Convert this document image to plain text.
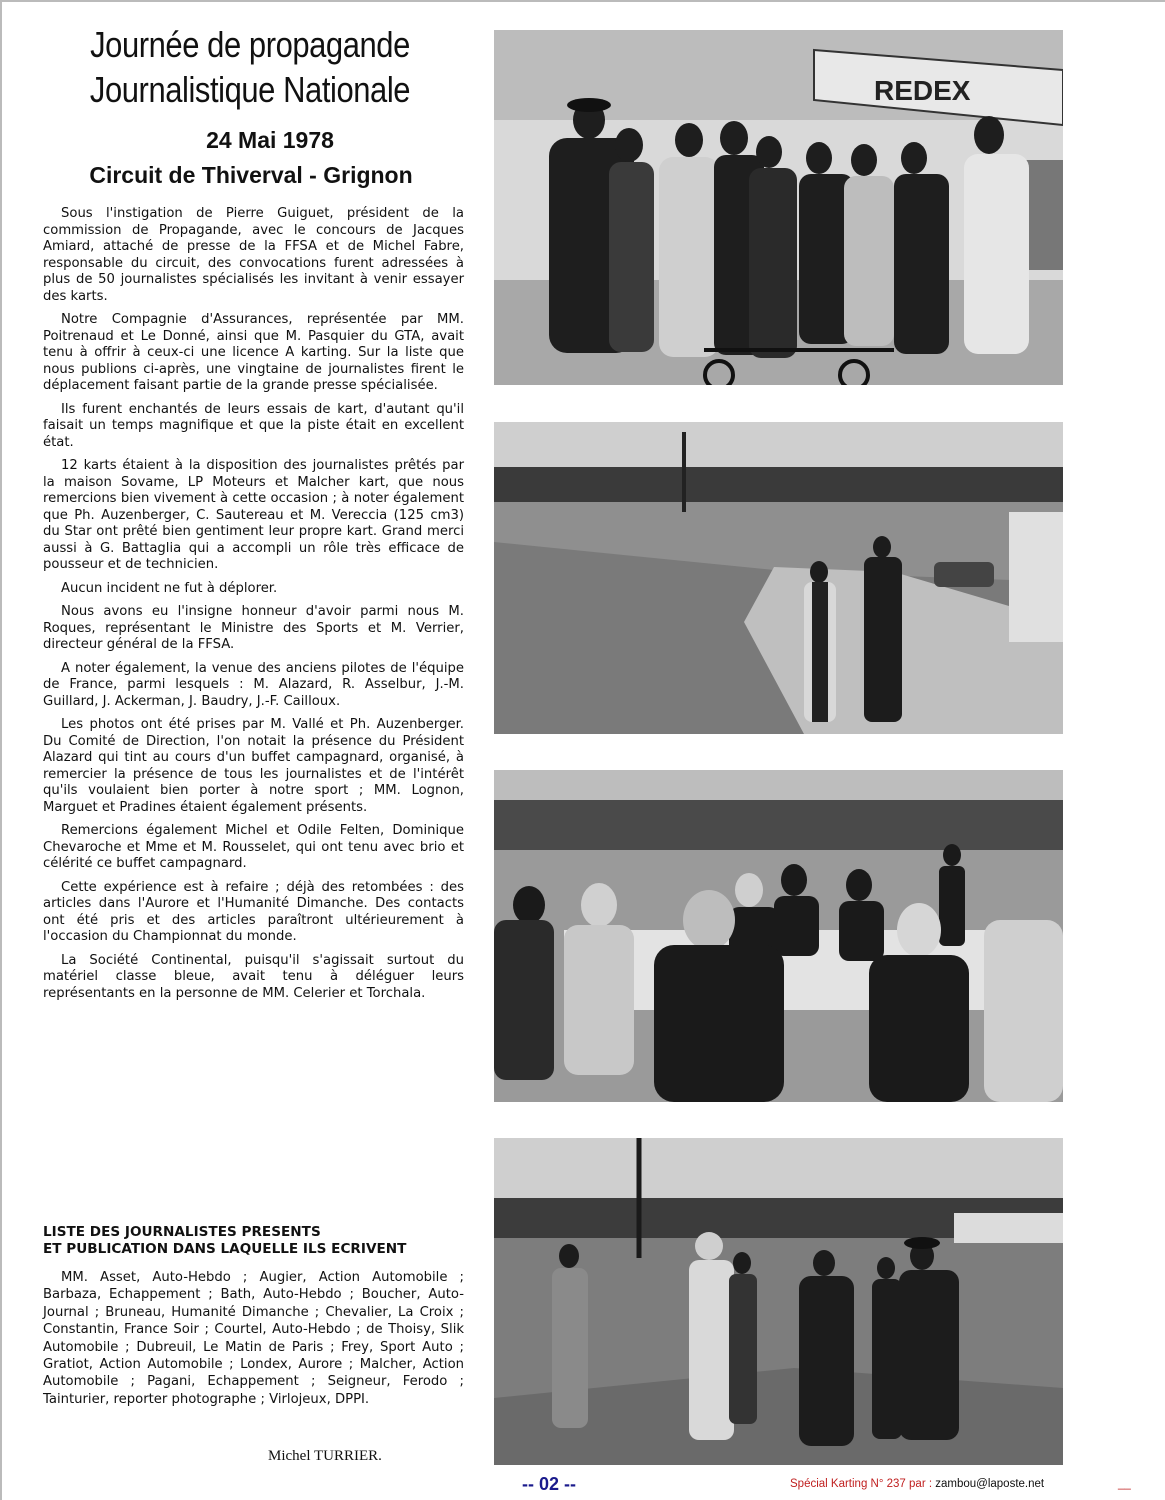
Journée de propagande
Journalistique Nationale
24 Mai 1978
Circuit de Thiverval - Grignon

Sous l'instigation de Pierre Guiguet, président de la commission de Propagande, avec le concours de Jacques Amiard, attaché de presse de la FFSA et de Michel Fabre, responsable du circuit, des convocations furent adressées à plus de 50 journalistes spécialisés les invitant à venir essayer des karts.

Notre Compagnie d'Assurances, représentée par MM. Poitrenaud et Le Donné, ainsi que M. Pasquier du GTA, avait tenu à offrir à ceux-ci une licence A karting. Sur la liste que nous publions ci-après, une vingtaine de journalistes firent le déplacement faisant partie de la grande presse spécialisée.

Ils furent enchantés de leurs essais de kart, d'autant qu'il faisait un temps magnifique et que la piste était en excellent état.

12 karts étaient à la disposition des journalistes prêtés par la maison Sovame, LP Moteurs et Malcher kart, que nous remercions bien vivement à cette occasion ; à noter également que Ph. Auzenberger, C. Sautereau et M. Vereccia (125 cm3) du Star ont prêté bien gentiment leur propre kart. Grand merci aussi à G. Battaglia qui a accompli un rôle très efficace de pousseur et de technicien.

Aucun incident ne fut à déplorer.

Nous avons eu l'insigne honneur d'avoir parmi nous M. Roques, représentant le Ministre des Sports et M. Verrier, directeur général de la FFSA.

A noter également, la venue des anciens pilotes de l'équipe de France, parmi lesquels : M. Alazard, R. Asselbur, J.-M. Guillard, J. Ackerman, J. Baudry, J.-F. Cailloux.

Les photos ont été prises par M. Vallé et Ph. Auzenberger. Du Comité de Direction, l'on notait la présence du Président Alazard qui tint au cours d'un buffet campagnard, organisé, à remercier la présence de tous les journalistes et de l'intérêt qu'ils voulaient bien porter à notre sport ; MM. Lognon, Marguet et Pradines étaient également présents.

Remercions également Michel et Odile Felten, Dominique Chevaroche et Mme et M. Rousselet, qui ont tenu avec brio et célérité ce buffet campagnard.

Cette expérience est à refaire ; déjà des retombées : des articles dans l'Aurore et l'Humanité Dimanche. Des contacts ont été pris et des articles paraîtront ultérieurement à l'occasion du Championnat du monde.

La Société Continental, puisqu'il s'agissait surtout du matériel classe bleue, avait tenu à déléguer leurs représentants en la personne de MM. Celerier et Torchala.

LISTE DES JOURNALISTES PRESENTS
ET PUBLICATION DANS LAQUELLE ILS ECRIVENT
MM. Asset, Auto-Hebdo ; Augier, Action Automobile ; Barbaza, Echappement ; Bath, Auto-Hebdo ; Boucher, Auto-Journal ; Bruneau, Humanité Dimanche ; Chevalier, La Croix ; Constantin, France Soir ; Courtel, Auto-Hebdo ; de Thoisy, Slik Automobile ; Dubreuil, Le Matin de Paris ; Frey, Sport Auto ; Gratiot, Action Automobile ; Londex, Aurore ; Malcher, Action Automobile ; Pagani, Echappement ; Seigneur, Ferodo ; Tainturier, reporter photographe ; Virlojeux, DPPI.
Michel TURRIER.
REDEX
-- 02 --	Spécial Karting N° 237 par : zambou@laposte.net	__
